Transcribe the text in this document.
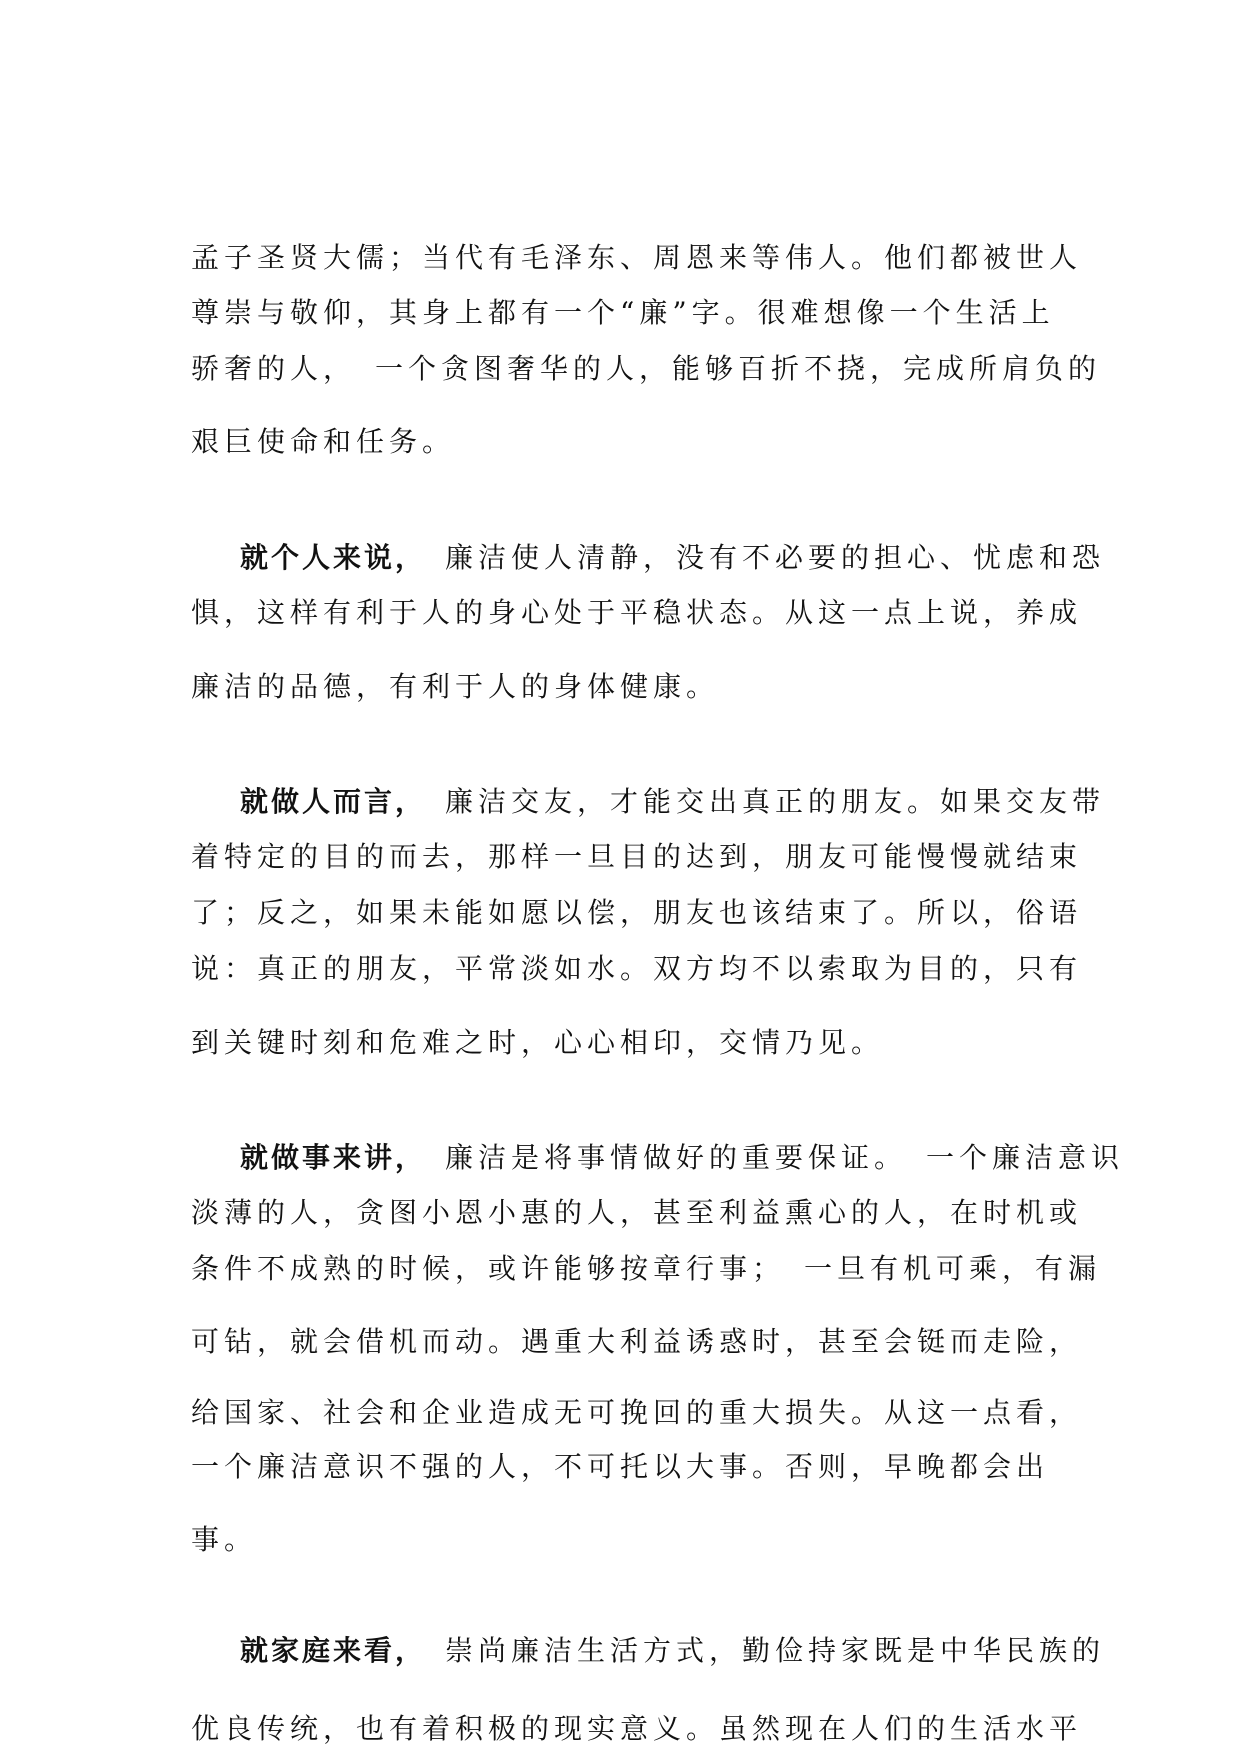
孟子圣贤大儒；当代有毛泽东、周恩来等伟人。他们都被世人

尊崇与敬仰，其身上都有一个“廉”字。很难想像一个生活上

骄奢的人，　一个贪图奢华的人，能够百折不挠，完成所肩负的

艰巨使命和任务。

就个人来说，　廉洁使人清静，没有不必要的担心、忧虑和恐

惧，这样有利于人的身心处于平稳状态。从这一点上说，养成

廉洁的品德，有利于人的身体健康。

就做人而言，　廉洁交友，才能交出真正的朋友。如果交友带

着特定的目的而去，那样一旦目的达到，朋友可能慢慢就结束

了；反之，如果未能如愿以偿，朋友也该结束了。所以，俗语

说：真正的朋友，平常淡如水。双方均不以索取为目的，只有

到关键时刻和危难之时，心心相印，交情乃见。

就做事来讲，　廉洁是将事情做好的重要保证。　一个廉洁意识

淡薄的人，贪图小恩小惠的人，甚至利益熏心的人，在时机或

条件不成熟的时候，或许能够按章行事；　一旦有机可乘，有漏

可钻，就会借机而动。遇重大利益诱惑时，甚至会铤而走险，

给国家、社会和企业造成无可挽回的重大损失。从这一点看，

一个廉洁意识不强的人，不可托以大事。否则，早晚都会出

事。

就家庭来看，　崇尚廉洁生活方式，勤俭持家既是中华民族的

优良传统，也有着积极的现实意义。虽然现在人们的生活水平
